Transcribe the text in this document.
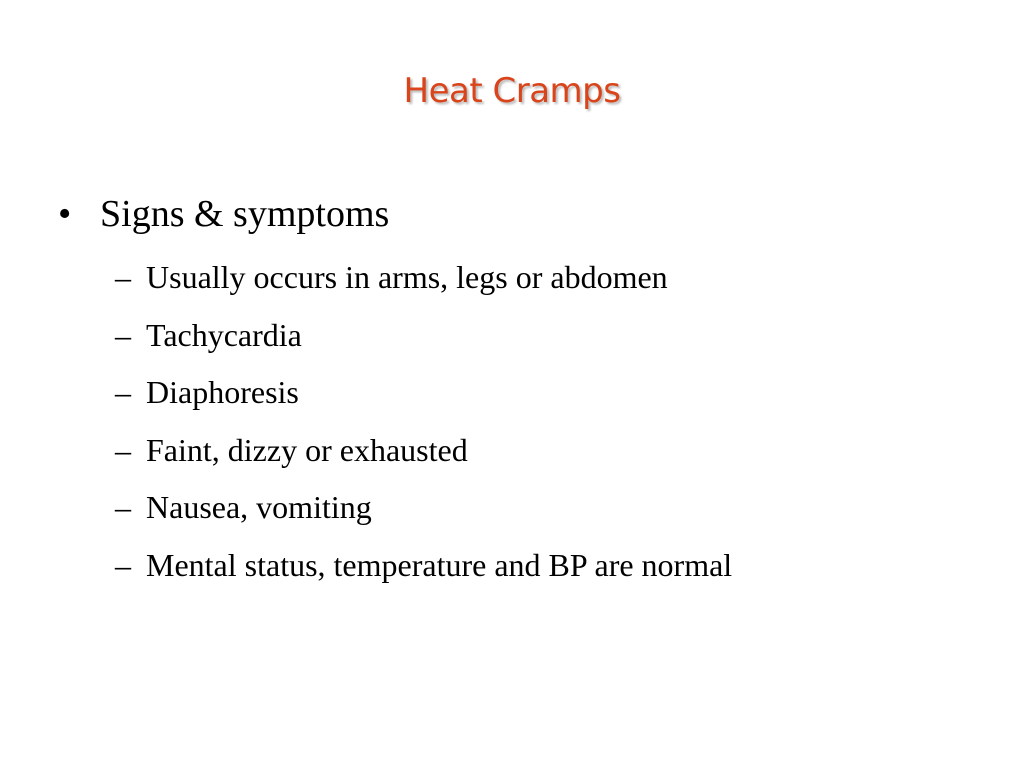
Heat Cramps
• Signs & symptoms
– Usually occurs in arms, legs or abdomen
– Tachycardia
– Diaphoresis
– Faint, dizzy or exhausted
– Nausea, vomiting
– Mental status, temperature and BP are normal
